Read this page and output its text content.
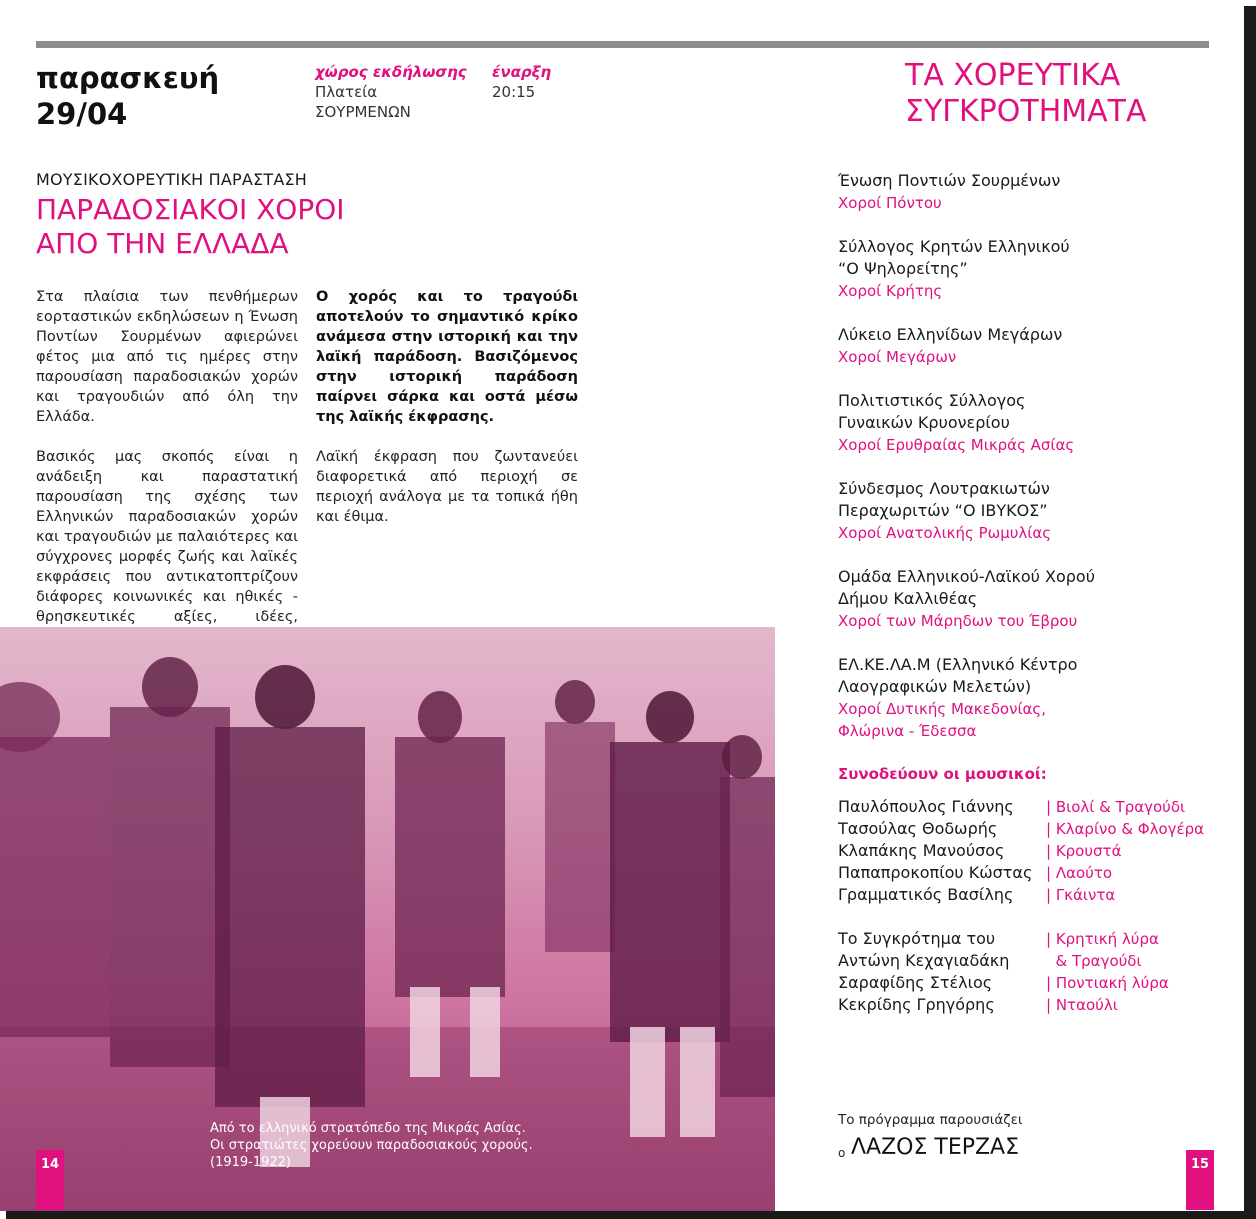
παρασκευή
29/04
χώρος εκδήλωσης
Πλατεία
ΣΟΥΡΜΕΝΩΝ
έναρξη
20:15	ΤΑ ΧΟΡΕΥΤΙΚΑ
ΣΥΓΚΡΟΤΗΜΑΤΑ
ΜΟΥΣΙΚΟΧΟΡΕΥΤΙΚΗ ΠΑΡΑΣΤΑΣΗ
ΠΑΡΑΔΟΣΙΑΚΟΙ ΧΟΡΟΙ
ΑΠΟ ΤΗΝ ΕΛΛΑΔΑ

Στα πλαίσια των πενθήμερων εορταστικών εκδηλώσεων η Ένωση Ποντίων Σουρμένων αφιερώνει φέτος μια από τις ημέρες στην παρουσίαση παραδοσιακών χορών και τραγουδιών από όλη την Ελλάδα.

Βασικός μας σκοπός είναι η ανάδειξη και παραστατική παρουσίαση της σχέσης των Ελληνικών παραδοσιακών χορών και τραγουδιών με παλαιότερες και σύγχρονες μορφές ζωής και λαϊκές εκφράσεις που αντικατοπτρίζουν διάφορες κοινωνικές και ηθικές - θρησκευτικές αξίες, ιδέες,

Ο χορός και το τραγούδι αποτελούν το σημαντικό κρίκο ανάμεσα στην ιστορική και την λαϊκή παράδοση. Βασιζόμενος στην ιστορική παράδοση παίρνει σάρκα και οστά μέσω της λαϊκής έκφρασης.

Λαϊκή έκφραση που ζωντανεύει διαφορετικά από περιοχή σε περιοχή ανάλογα με τα τοπικά ήθη και έθιμα.

Από το ελληνικό στρατόπεδο της Μικράς Ασίας.
Οι στρατιώτες χορεύουν παραδοσιακούς χορούς.
(1919-1922)
14	15
Ένωση Ποντιών Σουρμένων
Χοροί Πόντου
Σύλλογος Κρητών Ελληνικού
“Ο Ψηλορείτης”
Χοροί Κρήτης
Λύκειο Ελληνίδων Μεγάρων
Χοροί Μεγάρων
Πολιτιστικός Σύλλογος
Γυναικών Κρυονερίου
Χοροί Ερυθραίας Μικράς Ασίας
Σύνδεσμος Λουτρακιωτών
Περαχωριτών “Ο ΙΒΥΚΟΣ”
Χοροί Ανατολικής Ρωμυλίας
Ομάδα Ελληνικού-Λαϊκού Χορού
Δήμου Καλλιθέας
Χοροί των Μάρηδων του Έβρου
ΕΛ.ΚΕ.ΛΑ.Μ (Ελληνικό Κέντρο
Λαογραφικών Μελετών)
Χοροί Δυτικής Μακεδονίας,
Φλώρινα - Έδεσσα
Συνοδεύουν οι μουσικοί:
Παυλόπουλος Γιάννης | Βιολί & Τραγούδι
Τασούλας Θοδωρής	| Κλαρίνο & Φλογέρα
Κλαπάκης Μανούσος	| Κρουστά
Παπαπροκοπίου Κώστας | Λαούτο
Γραμματικός Βασίλης | Γκάιντα
Το Συγκρότημα του	| Κρητική λύρα
Αντώνη Κεχαγιαδάκη & Τραγούδι
Σαραφίδης Στέλιος	| Ποντιακή λύρα
Κεκρίδης Γρηγόρης	| Νταούλι
Το πρόγραμμα παρουσιάζει
ο ΛΑΖΟΣ ΤΕΡΖΑΣ
